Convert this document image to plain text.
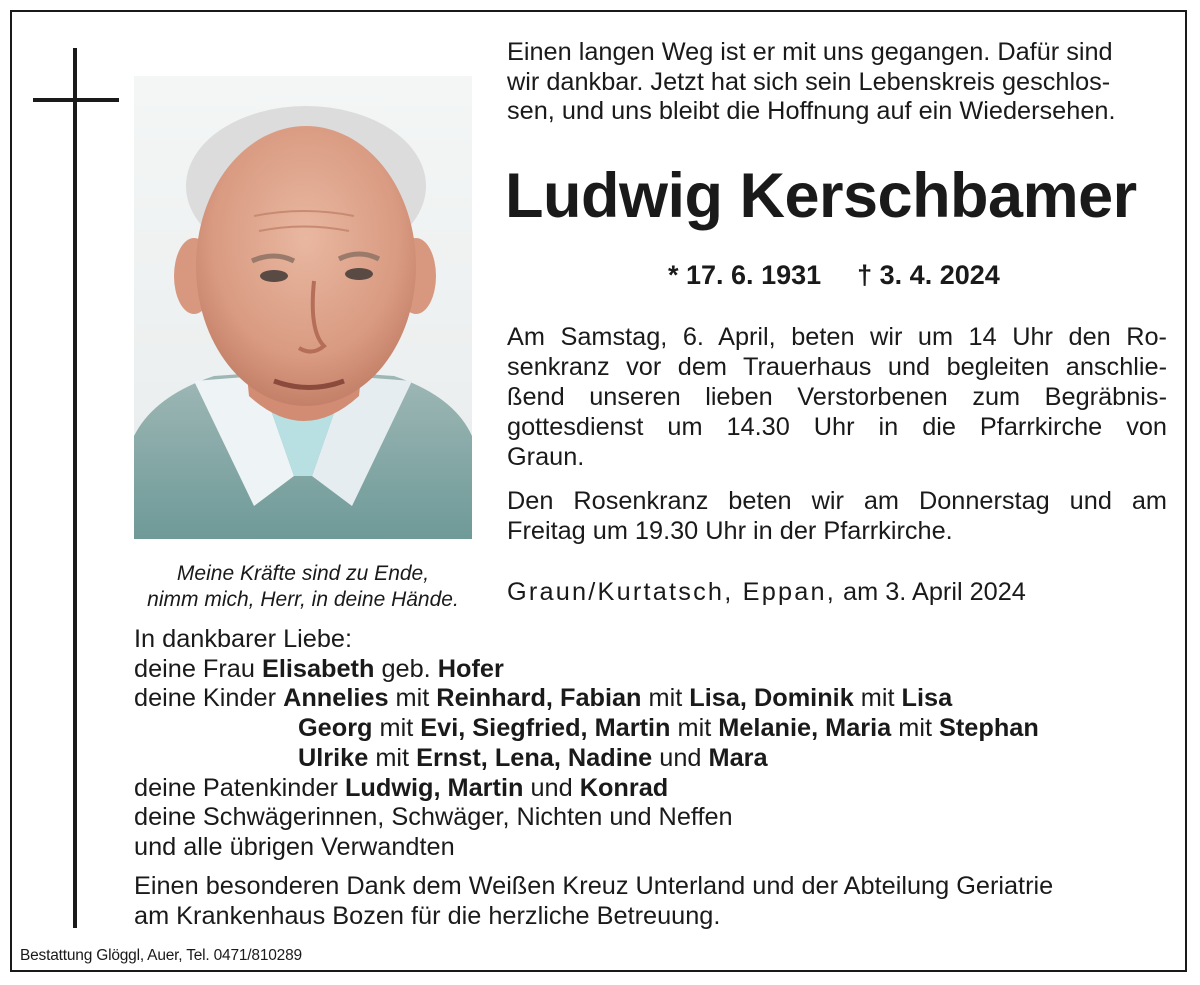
Meine Kräfte sind zu Ende,
nimm mich, Herr, in deine Hände.
Einen langen Weg ist er mit uns gegangen. Dafür sind
wir dankbar. Jetzt hat sich sein Lebenskreis geschlos-
sen, und uns bleibt die Hoffnung auf ein Wiedersehen.
Ludwig Kerschbamer
* 17. 6. 1931 † 3. 4. 2024
Am Samstag, 6. April, beten wir um 14 Uhr den Ro-
senkranz vor dem Trauerhaus und begleiten anschlie-
ßend unseren lieben Verstorbenen zum Begräbnis-
gottesdienst um 14.30 Uhr in die Pfarrkirche von
Graun.
Den Rosenkranz beten wir am Donnerstag und am
Freitag um 19.30 Uhr in der Pfarrkirche.
Graun/Kurtatsch, Eppan, am 3. April 2024
In dankbarer Liebe:
deine Frau Elisabeth geb. Hofer
deine Kinder Annelies mit Reinhard, Fabian mit Lisa, Dominik mit Lisa
Georg mit Evi, Siegfried, Martin mit Melanie, Maria mit Stephan
Ulrike mit Ernst, Lena, Nadine und Mara
deine Patenkinder Ludwig, Martin und Konrad
deine Schwägerinnen, Schwäger, Nichten und Neffen
und alle übrigen Verwandten
Einen besonderen Dank dem Weißen Kreuz Unterland und der Abteilung Geriatrie
am Krankenhaus Bozen für die herzliche Betreuung.
Bestattung Glöggl, Auer, Tel. 0471/810289
